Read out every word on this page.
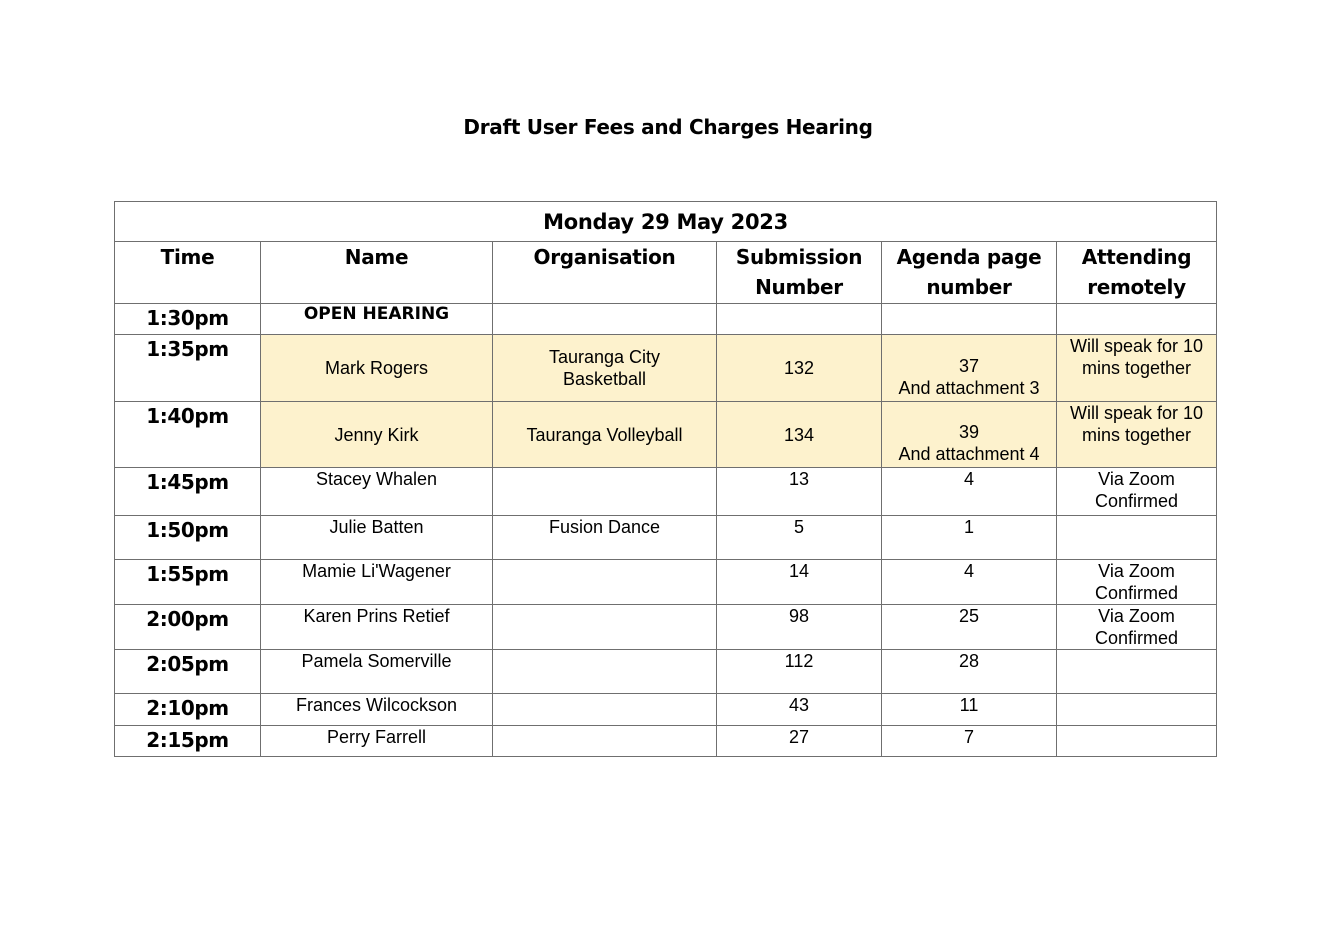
Draft User Fees and Charges Hearing
Monday 29 May 2023					
Time	Name	Organisation	Submission
Number	Agenda page
number	Attending
remotely
1:30pm	OPEN HEARING				
1:35pm	Mark Rogers	Tauranga City
Basketball	132	37
And attachment 3	Will speak for 10
mins together
1:40pm	Jenny Kirk	Tauranga Volleyball	134	39
And attachment 4	Will speak for 10
mins together
1:45pm	Stacey Whalen		13	4	Via Zoom
Confirmed
1:50pm	Julie Batten	Fusion Dance	5	1	
1:55pm	Mamie Li'Wagener		14	4	Via Zoom
Confirmed
2:00pm	Karen Prins Retief		98	25	Via Zoom
Confirmed
2:05pm	Pamela Somerville		112	28	
2:10pm	Frances Wilcockson		43	11	
2:15pm	Perry Farrell		27	7	
